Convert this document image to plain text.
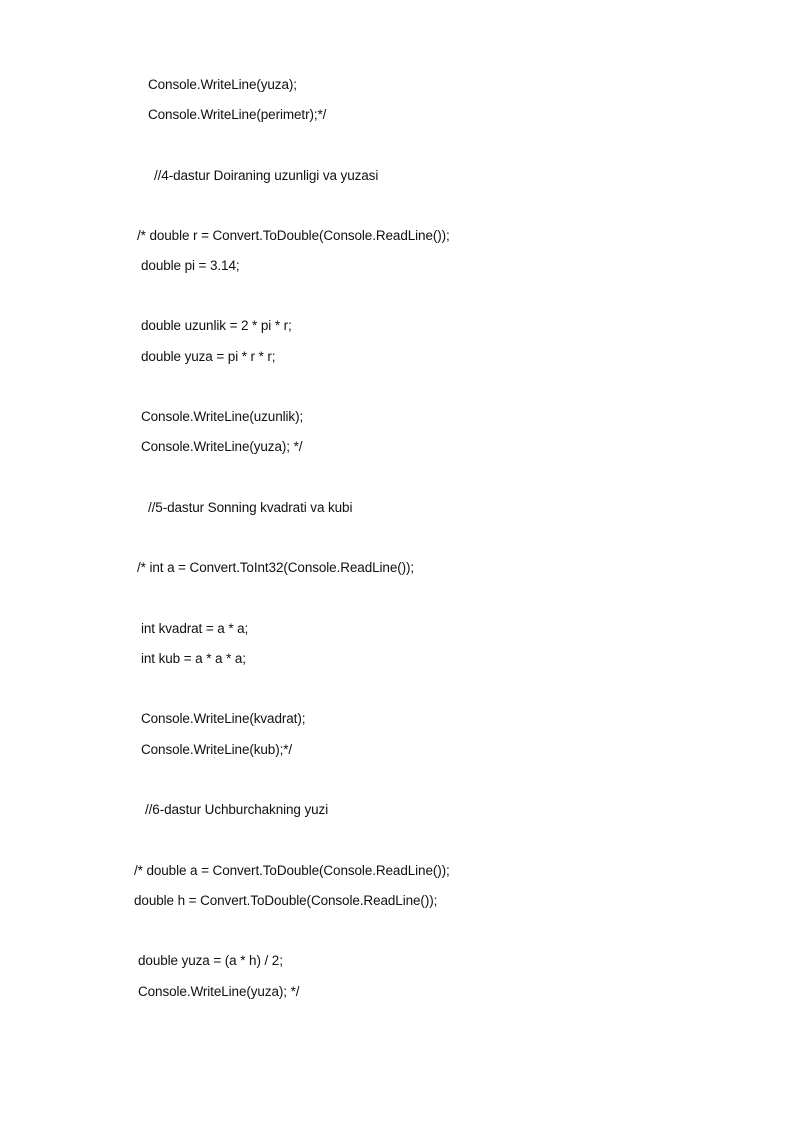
Console.WriteLine(yuza);
Console.WriteLine(perimetr);*/
//4-dastur Doiraning uzunligi va yuzasi
/* double r = Convert.ToDouble(Console.ReadLine());
double pi = 3.14;
double uzunlik = 2 * pi * r;
double yuza = pi * r * r;
Console.WriteLine(uzunlik);
Console.WriteLine(yuza); */
//5-dastur Sonning kvadrati va kubi
/* int a = Convert.ToInt32(Console.ReadLine());
int kvadrat = a * a;
int kub = a * a * a;
Console.WriteLine(kvadrat);
Console.WriteLine(kub);*/
//6-dastur Uchburchakning yuzi
/* double a = Convert.ToDouble(Console.ReadLine());
double h = Convert.ToDouble(Console.ReadLine());
double yuza = (a * h) / 2;
Console.WriteLine(yuza); */
